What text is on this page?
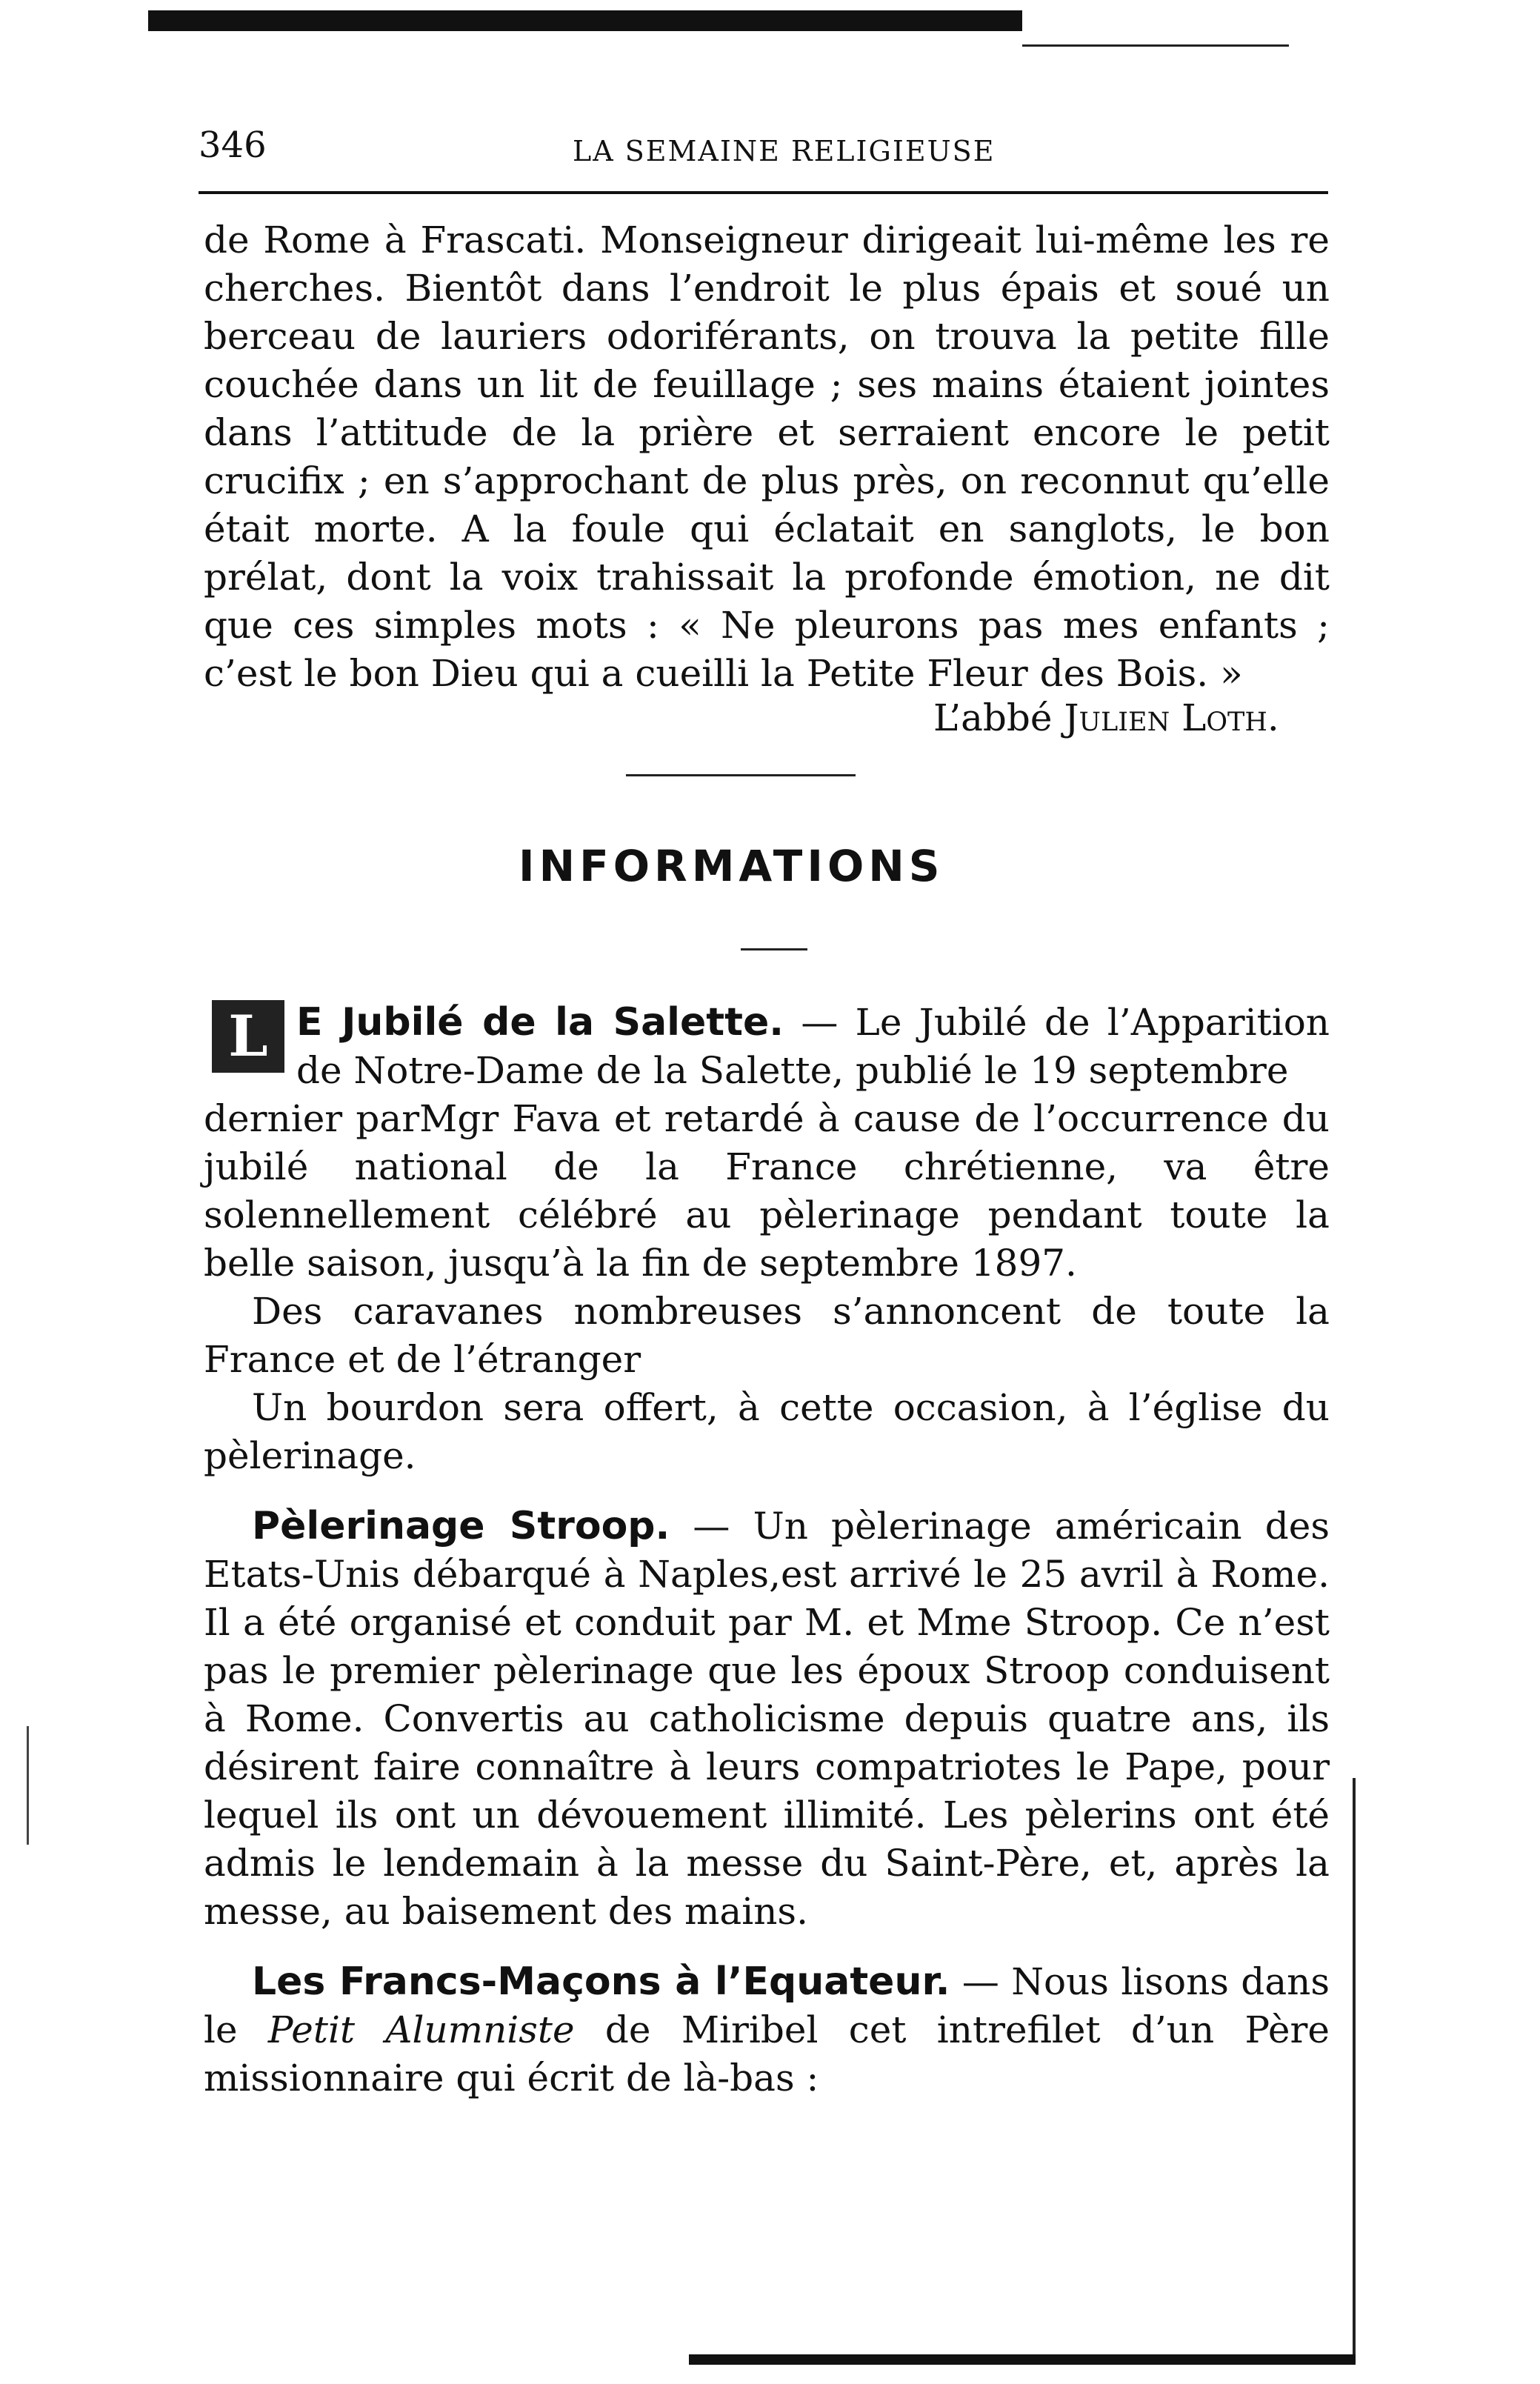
346	LA SEMAINE RELIGIEUSE
de Rome à Frascati. Monseigneur dirigeait lui-même les re cherches. Bientôt dans l’endroit le plus épais et soué un berceau de lauriers odoriférants, on trouva la petite fille couchée dans un lit de feuillage ; ses mains étaient jointes dans l’attitude de la prière et serraient encore le petit crucifix ; en s’approchant de plus près, on reconnut qu’elle était morte. A la foule qui éclatait en sanglots, le bon prélat, dont la voix trahissait la profonde émotion, ne dit que ces simples mots : « Ne pleurons pas mes enfants ; c’est le bon Dieu qui a cueilli la Petite Fleur des Bois. »
L’abbé Julien Loth.
INFORMATIONS
L E Jubilé de la Salette. — Le Jubilé de l’Apparition de Notre-Dame de la Salette, publié le 19 septembre
dernier parMgr Fava et retardé à cause de l’occurrence du jubilé national de la France chrétienne, va être solennellement célébré au pèlerinage pendant toute la belle saison, jusqu’à la fin de septembre 1897.
Des caravanes nombreuses s’annoncent de toute la France et de l’étranger
Un bourdon sera offert, à cette occasion, à l’église du pèlerinage.
Pèlerinage Stroop. — Un pèlerinage américain des Etats-Unis débarqué à Naples,est arrivé le 25 avril à Rome. Il a été organisé et conduit par M. et Mme Stroop. Ce n’est pas le premier pèlerinage que les époux Stroop conduisent à Rome. Convertis au catholicisme depuis quatre ans, ils désirent faire connaître à leurs compatriotes le Pape, pour lequel ils ont un dévouement illimité. Les pèlerins ont été admis le lendemain à la messe du Saint-Père, et, après la messe, au baisement des mains.
Les Francs-Maçons à l’Equateur. — Nous lisons dans le Petit Alumniste de Miribel cet intrefilet d’un Père missionnaire qui écrit de là-bas :
